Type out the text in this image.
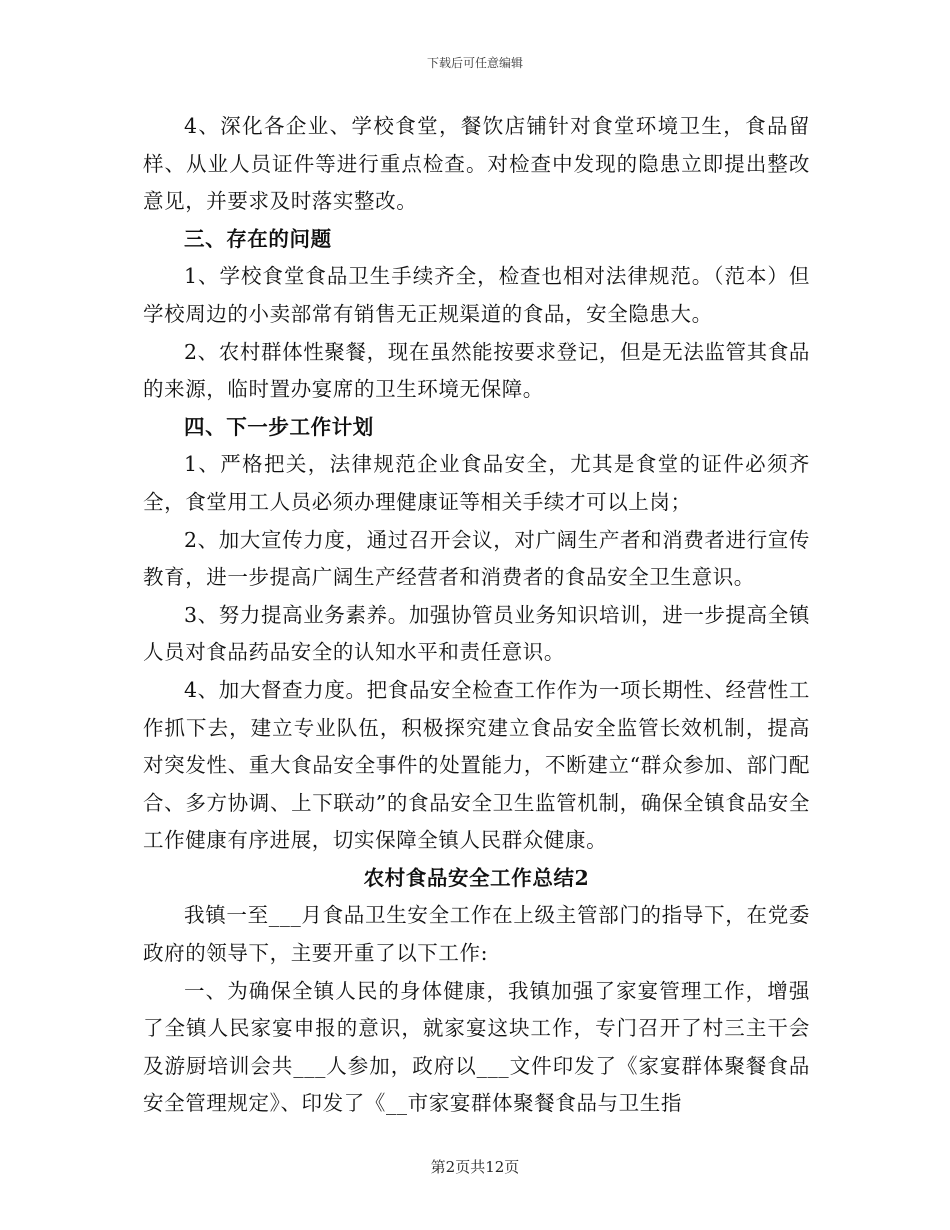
下载后可任意编辑

4、深化各企业、学校食堂，餐饮店铺针对食堂环境卫生，食品留样、从业人员证件等进行重点检查。对检查中发现的隐患立即提出整改意见，并要求及时落实整改。

三、存在的问题

1、学校食堂食品卫生手续齐全，检查也相对法律规范。（范本）但学校周边的小卖部常有销售无正规渠道的食品，安全隐患大。

2、农村群体性聚餐，现在虽然能按要求登记，但是无法监管其食品的来源，临时置办宴席的卫生环境无保障。

四、下一步工作计划

1、严格把关，法律规范企业食品安全，尤其是食堂的证件必须齐全，食堂用工人员必须办理健康证等相关手续才可以上岗；

2、加大宣传力度，通过召开会议，对广阔生产者和消费者进行宣传教育，进一步提高广阔生产经营者和消费者的食品安全卫生意识。

3、努力提高业务素养。加强协管员业务知识培训，进一步提高全镇人员对食品药品安全的认知水平和责任意识。

4、加大督查力度。把食品安全检查工作作为一项长期性、经营性工作抓下去，建立专业队伍，积极探究建立食品安全监管长效机制，提高对突发性、重大食品安全事件的处置能力，不断建立“群众参加、部门配合、多方协调、上下联动”的食品安全卫生监管机制，确保全镇食品安全工作健康有序进展，切实保障全镇人民群众健康。

农村食品安全工作总结2

我镇一至___月食品卫生安全工作在上级主管部门的指导下，在党委政府的领导下，主要开重了以下工作:

一、为确保全镇人民的身体健康，我镇加强了家宴管理工作，增强了全镇人民家宴申报的意识，就家宴这块工作，专门召开了村三主干会及游厨培训会共___人参加，政府以___文件印发了《家宴群体聚餐食品安全管理规定》、印发了《__市家宴群体聚餐食品与卫生指

第2页共12页
